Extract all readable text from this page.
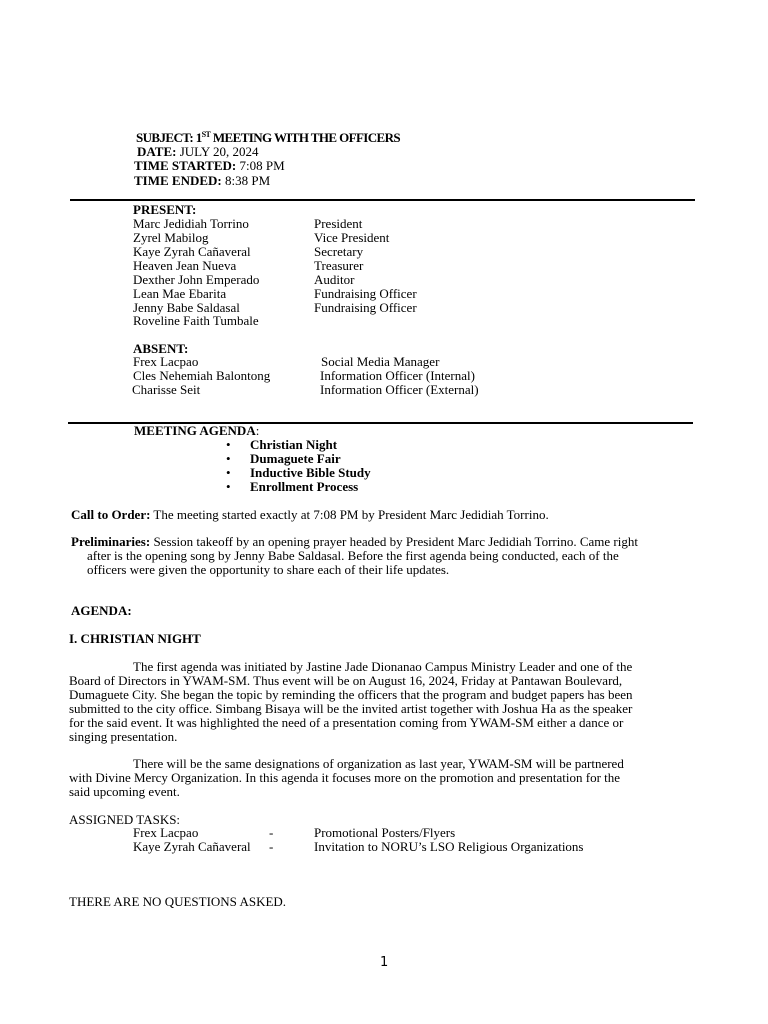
SUBJECT: 1ST MEETING WITH THE OFFICERS
DATE: JULY 20, 2024
TIME STARTED: 7:08 PM
TIME ENDED: 8:38 PM
PRESENT:
Marc Jedidiah Torrino	President
Zyrel Mabilog	Vice President
Kaye Zyrah Cañaveral	Secretary
Heaven Jean Nueva	Treasurer
Dexther John Emperado	Auditor
Lean Mae Ebarita	Fundraising Officer
Jenny Babe Saldasal	Fundraising Officer
Roveline Faith Tumbale
ABSENT:
Frex Lacpao	Social Media Manager
Cles Nehemiah Balontong	Information Officer (Internal)
Charisse Seit	Information Officer (External)
MEETING AGENDA:
• Christian Night
• Dumaguete Fair
• Inductive Bible Study
• Enrollment Process
Call to Order: The meeting started exactly at 7:08 PM by President Marc Jedidiah Torrino.
Preliminaries: Session takeoff by an opening prayer headed by President Marc Jedidiah Torrino. Came right
after is the opening song by Jenny Babe Saldasal. Before the first agenda being conducted, each of the
officers were given the opportunity to share each of their life updates.
AGENDA:
I. CHRISTIAN NIGHT
The first agenda was initiated by Jastine Jade Dionanao Campus Ministry Leader and one of the
Board of Directors in YWAM-SM. Thus event will be on August 16, 2024, Friday at Pantawan Boulevard,
Dumaguete City. She began the topic by reminding the officers that the program and budget papers has been
submitted to the city office. Simbang Bisaya will be the invited artist together with Joshua Ha as the speaker
for the said event. It was highlighted the need of a presentation coming from YWAM-SM either a dance or
singing presentation.
There will be the same designations of organization as last year, YWAM-SM will be partnered
with Divine Mercy Organization. In this agenda it focuses more on the promotion and presentation for the
said upcoming event.
ASSIGNED TASKS:
Frex Lacpao	-	Promotional Posters/Flyers
Kaye Zyrah Cañaveral -	Invitation to NORU’s LSO Religious Organizations
THERE ARE NO QUESTIONS ASKED.
1
